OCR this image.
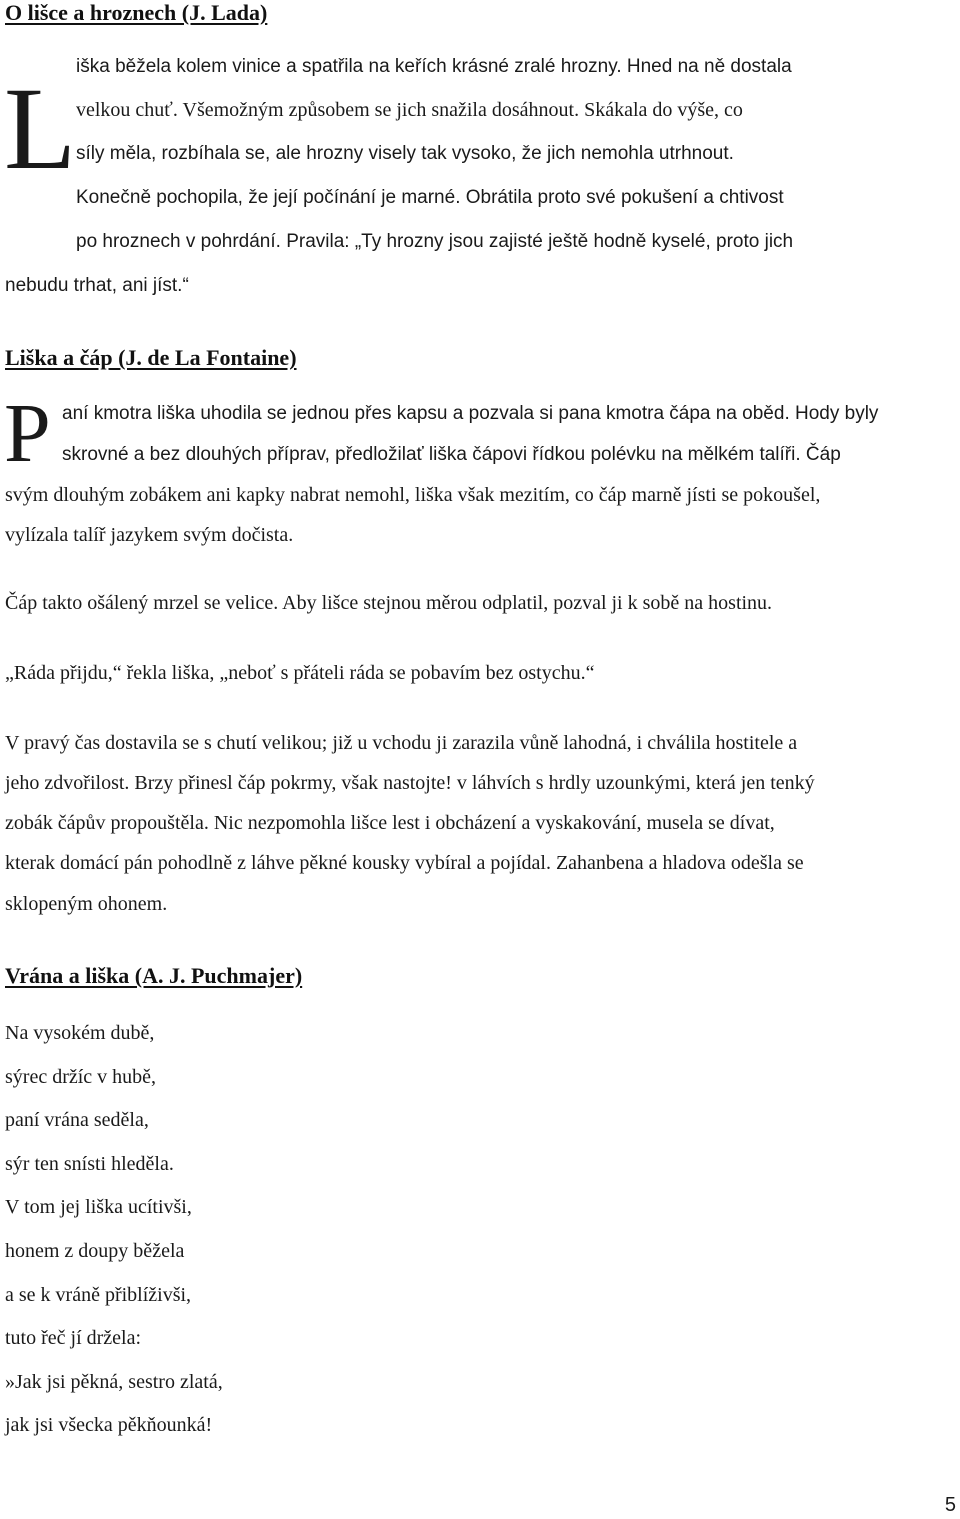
O lišce a hroznech (J. Lada)
L iška běžela kolem vinice a spatřila na keřích krásné zralé hrozny. Hned na ně dostala

velkou chuť. Všemožným způsobem se jich snažila dosáhnout. Skákala do výše, co

síly měla, rozbíhala se, ale hrozny visely tak vysoko, že jich nemohla utrhnout.

Konečně pochopila, že její počínání je marné. Obrátila proto své pokušení a chtivost

po hroznech v pohrdání. Pravila: „Ty hrozny jsou zajisté ještě hodně kyselé, proto jich

nebudu trhat, ani jíst.“

Liška a čáp (J. de La Fontaine)
P aní kmotra liška uhodila se jednou přes kapsu a pozvala si pana kmotra čápa na oběd. Hody byly

skrovné a bez dlouhých příprav, předložilať liška čápovi řídkou polévku na mělkém talíři. Čáp

svým dlouhým zobákem ani kapky nabrat nemohl, liška však mezitím, co čáp marně jísti se pokoušel,

vylízala talíř jazykem svým dočista.

Čáp takto ošálený mrzel se velice. Aby lišce stejnou měrou odplatil, pozval ji k sobě na hostinu.

„Ráda přijdu,“ řekla liška, „neboť s přáteli ráda se pobavím bez ostychu.“

V pravý čas dostavila se s chutí velikou; již u vchodu ji zarazila vůně lahodná, i chválila hostitele a

jeho zdvořilost. Brzy přinesl čáp pokrmy, však nastojte! v láhvích s hrdly uzounkými, která jen tenký

zobák čápův propouštěla. Nic nezpomohla lišce lest i obcházení a vyskakování, musela se dívat,

kterak domácí pán pohodlně z láhve pěkné kousky vybíral a pojídal. Zahanbena a hladova odešla se

sklopeným ohonem.

Vrána a liška (A. J. Puchmajer)

Na vysokém dubě,

sýrec držíc v hubě,

paní vrána seděla,

sýr ten snísti hleděla.

V tom jej liška ucítivši,

honem z doupy běžela

a se k vráně přiblíživši,

tuto řeč jí držela:

»Jak jsi pěkná, sestro zlatá,

jak jsi všecka pěkňounká!

5
